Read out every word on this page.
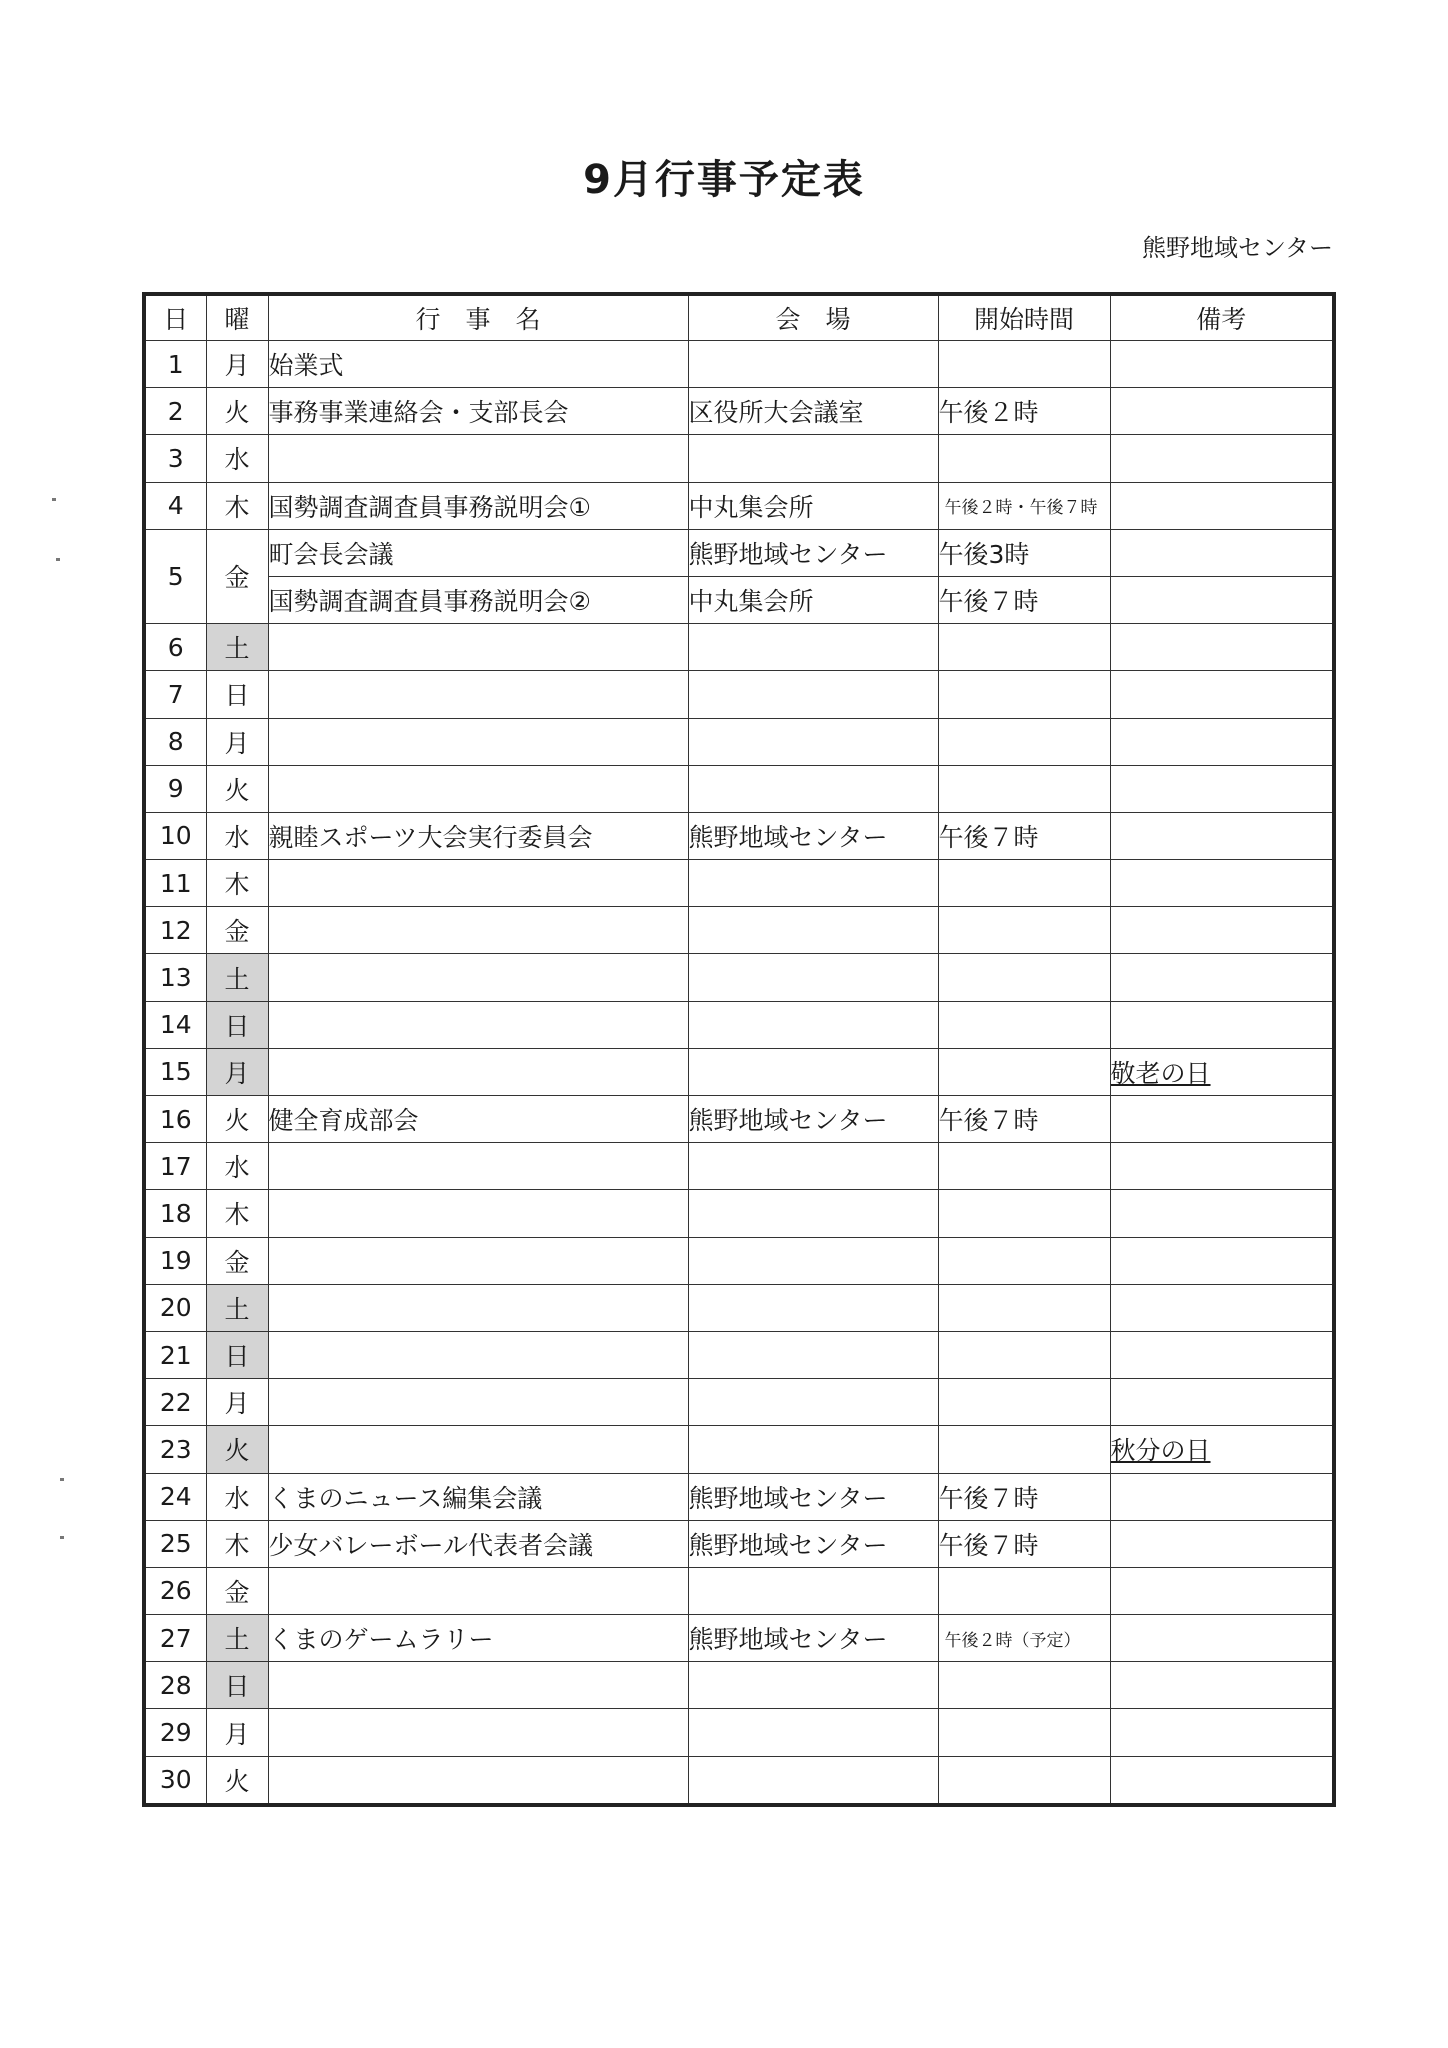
9月行事予定表
熊野地域センター
日	曜	行　事　名	会　場	開始時間	備考
1	月	始業式			
2	火	事務事業連絡会・支部長会	区役所大会議室	午後２時	
3	水				
4	木	国勢調査調査員事務説明会①	中丸集会所	午後２時・午後７時	
5	金	町会長会議	熊野地域センター	午後3時	
		国勢調査調査員事務説明会②	中丸集会所	午後７時	
6	土				
7	日				
8	月				
9	火				
10	水	親睦スポーツ大会実行委員会	熊野地域センター	午後７時	
11	木				
12	金				
13	土				
14	日				
15	月				敬老の日
16	火	健全育成部会	熊野地域センター	午後７時	
17	水				
18	木				
19	金				
20	土				
21	日				
22	月				
23	火				秋分の日
24	水	くまのニュース編集会議	熊野地域センター	午後７時	
25	木	少女バレーボール代表者会議	熊野地域センター	午後７時	
26	金				
27	土	くまのゲームラリー	熊野地域センター	午後２時（予定）	
28	日				
29	月				
30	火				
